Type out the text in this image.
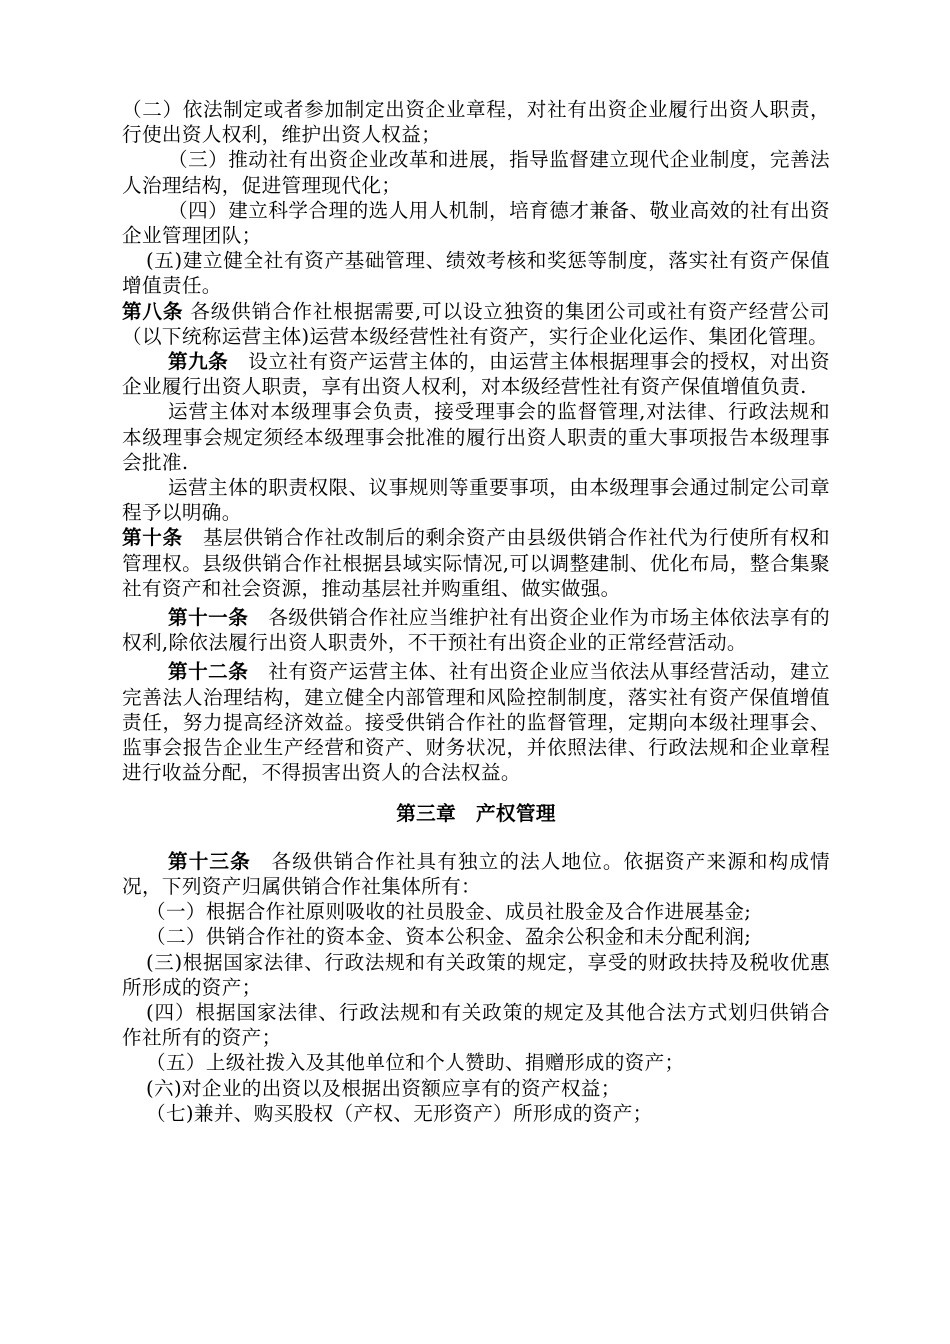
（二）依法制定或者参加制定出资企业章程，对社有出资企业履行出资人职责，行使出资人权利，维护出资人权益；

（三）推动社有出资企业改革和进展，指导监督建立现代企业制度，完善法人治理结构，促进管理现代化；

（四）建立科学合理的选人用人机制，培育德才兼备、敬业高效的社有出资企业管理团队；

(五)建立健全社有资产基础管理、绩效考核和奖惩等制度，落实社有资产保值增值责任。

第八条 各级供销合作社根据需要,可以设立独资的集团公司或社有资产经营公司（以下统称运营主体)运营本级经营性社有资产，实行企业化运作、集团化管理。

第九条　设立社有资产运营主体的，由运营主体根据理事会的授权，对出资企业履行出资人职责，享有出资人权利，对本级经营性社有资产保值增值负责.

运营主体对本级理事会负责，接受理事会的监督管理,对法律、行政法规和本级理事会规定须经本级理事会批准的履行出资人职责的重大事项报告本级理事会批准.

运营主体的职责权限、议事规则等重要事项，由本级理事会通过制定公司章程予以明确。

第十条　基层供销合作社改制后的剩余资产由县级供销合作社代为行使所有权和管理权。县级供销合作社根据县域实际情况,可以调整建制、优化布局，整合集聚社有资产和社会资源，推动基层社并购重组、做实做强。

第十一条　各级供销合作社应当维护社有出资企业作为市场主体依法享有的权利,除依法履行出资人职责外，不干预社有出资企业的正常经营活动。

第十二条　社有资产运营主体、社有出资企业应当依法从事经营活动，建立完善法人治理结构，建立健全内部管理和风险控制制度，落实社有资产保值增值责任，努力提高经济效益。接受供销合作社的监督管理，定期向本级社理事会、监事会报告企业生产经营和资产、财务状况，并依照法律、行政法规和企业章程进行收益分配，不得损害出资人的合法权益。

第三章　产权管理

第十三条　各级供销合作社具有独立的法人地位。依据资产来源和构成情况，下列资产归属供销合作社集体所有：

（一）根据合作社原则吸收的社员股金、成员社股金及合作进展基金;

（二）供销合作社的资本金、资本公积金、盈余公积金和未分配利润;

(三)根据国家法律、行政法规和有关政策的规定，享受的财政扶持及税收优惠所形成的资产；

(四）根据国家法律、行政法规和有关政策的规定及其他合法方式划归供销合作社所有的资产；

（五）上级社拨入及其他单位和个人赞助、捐赠形成的资产；

(六)对企业的出资以及根据出资额应享有的资产权益；

（七)兼并、购买股权（产权、无形资产）所形成的资产；
